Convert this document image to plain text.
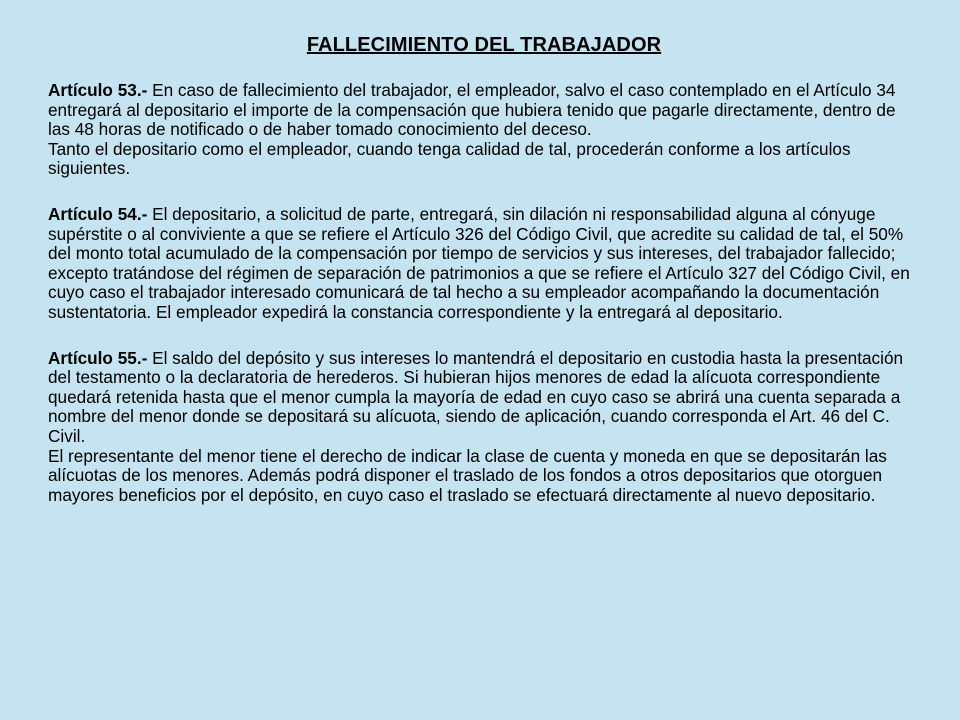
FALLECIMIENTO DEL TRABAJADOR

Artículo 53.- En caso de fallecimiento del trabajador, el empleador, salvo el caso contemplado en el Artículo 34 entregará al depositario el importe de la compensación que hubiera tenido que pagarle directamente, dentro de las 48 horas de notificado o de haber tomado conocimiento del deceso.

Tanto el depositario como el empleador, cuando tenga calidad de tal, procederán conforme a los artículos siguientes.

Artículo 54.- El depositario, a solicitud de parte, entregará, sin dilación ni responsabilidad alguna al cónyuge supérstite o al conviviente a que se refiere el Artículo 326 del Código Civil, que acredite su calidad de tal, el 50% del monto total acumulado de la compensación por tiempo de servicios y sus intereses, del trabajador fallecido; excepto tratándose del régimen de separación de patrimonios a que se refiere el Artículo 327 del Código Civil, en cuyo caso el trabajador interesado comunicará de tal hecho a su empleador acompañando la documentación sustentatoria. El empleador expedirá la constancia correspondiente y la entregará al depositario.

Artículo 55.- El saldo del depósito y sus intereses lo mantendrá el depositario en custodia hasta la presentación del testamento o la declaratoria de herederos. Si hubieran hijos menores de edad la alícuota correspondiente quedará retenida hasta que el menor cumpla la mayoría de edad en cuyo caso se abrirá una cuenta separada a nombre del menor donde se depositará su alícuota, siendo de aplicación, cuando corresponda el Art. 46 del C. Civil.

El representante del menor tiene el derecho de indicar la clase de cuenta y moneda en que se depositarán las alícuotas de los menores. Además podrá disponer el traslado de los fondos a otros depositarios que otorguen mayores beneficios por el depósito, en cuyo caso el traslado se efectuará directamente al nuevo depositario.
